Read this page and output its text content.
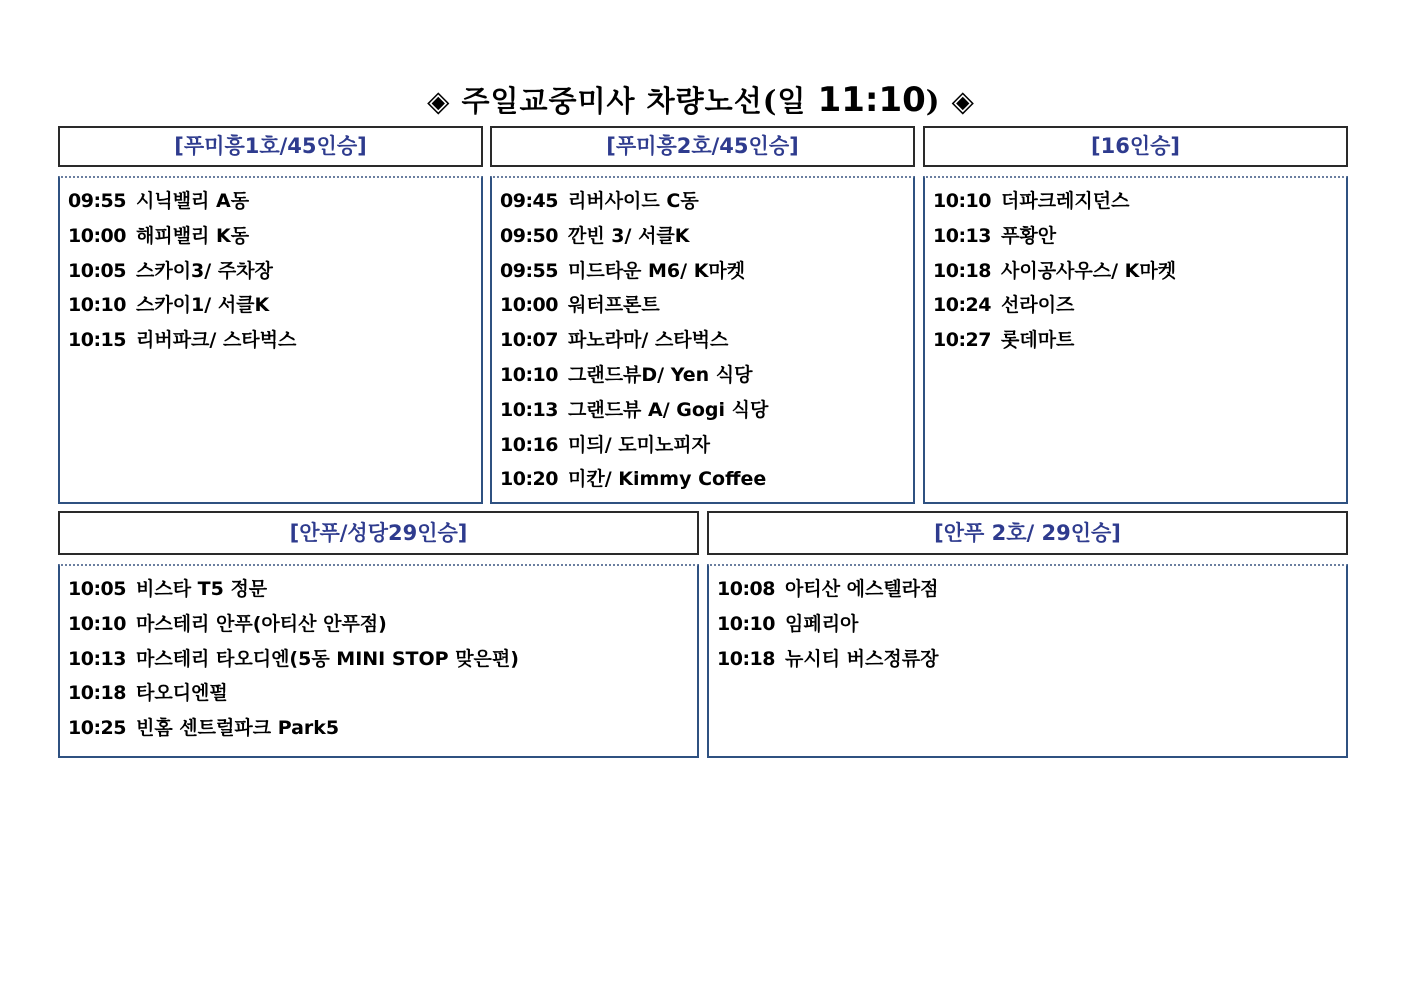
◈ 주일교중미사 차량노선(일 11:10) ◈
[푸미흥1호/45인승]
09:55 시닉밸리 A동
10:00 해피밸리 K동
10:05 스카이3/ 주차장
10:10 스카이1/ 서클K
10:15 리버파크/ 스타벅스
[푸미흥2호/45인승]
09:45 리버사이드 C동
09:50 깐빈 3/ 서클K
09:55 미드타운 M6/ K마켓
10:00 워터프론트
10:07 파노라마/ 스타벅스
10:10 그랜드뷰D/ Yen 식당
10:13 그랜드뷰 A/ Gogi 식당
10:16 미듸/ 도미노피자
10:20 미칸/ Kimmy Coffee
[16인승]
10:10 더파크레지던스
10:13 푸황안
10:18 사이공사우스/ K마켓
10:24 선라이즈
10:27 롯데마트
[안푸/성당29인승]
10:05 비스타 T5 정문
10:10 마스테리 안푸(아티산 안푸점)
10:13 마스테리 타오디엔(5동 MINI STOP 맞은편)
10:18 타오디엔펄
10:25 빈홈 센트럴파크 Park5
[안푸 2호/ 29인승]
10:08 아티산 에스텔라점
10:10 임페리아
10:18 뉴시티 버스정류장
